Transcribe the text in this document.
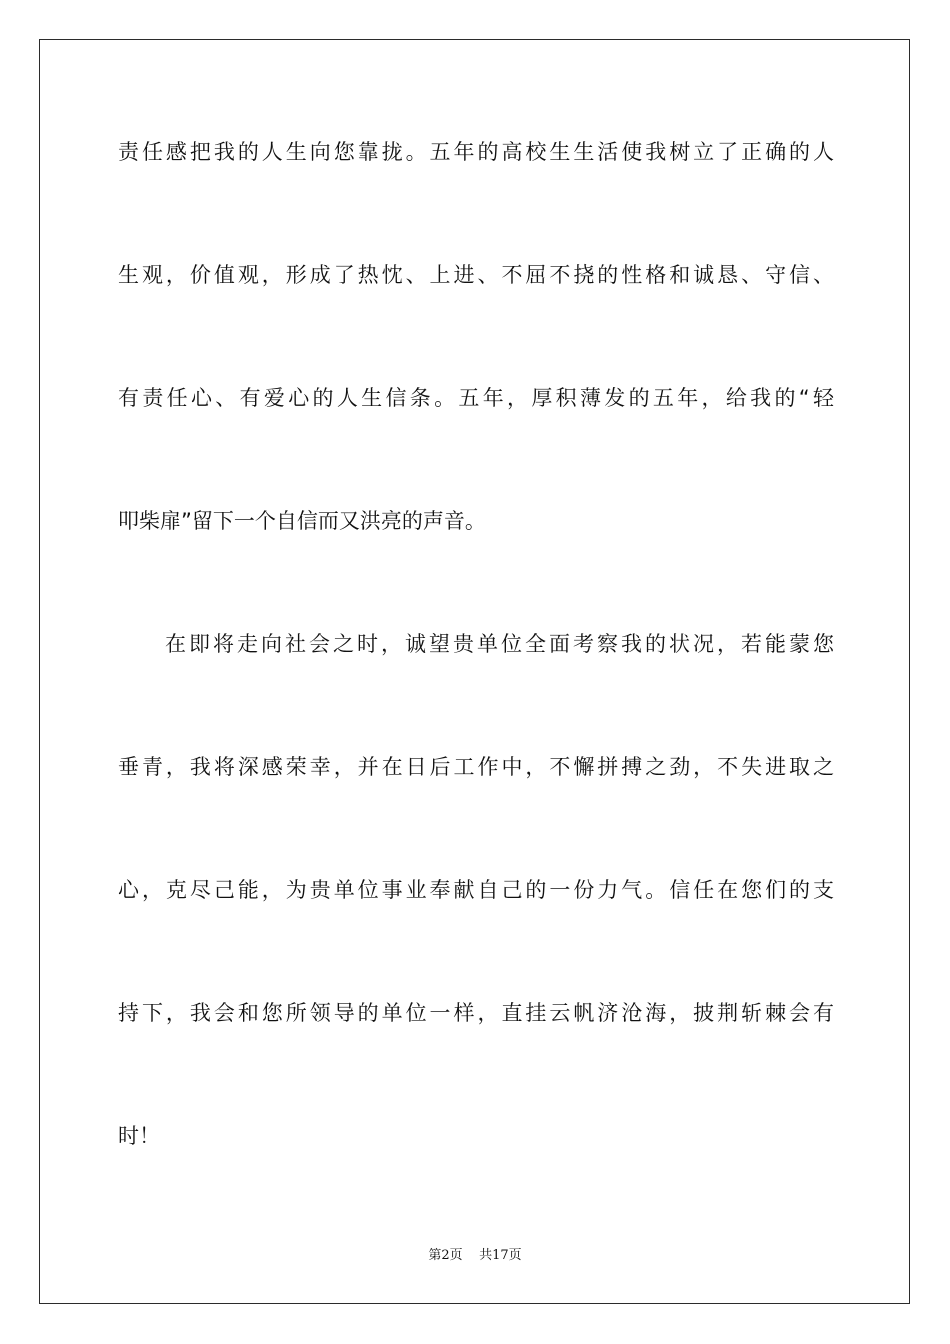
责任感把我的人生向您靠拢。五年的高校生生活使我树立了正确的人
生观，价值观，形成了热忱、上进、不屈不挠的性格和诚恳、守信、
有责任心、有爱心的人生信条。五年，厚积薄发的五年，给我的“轻
叩柴扉”留下一个自信而又洪亮的声音。
在即将走向社会之时，诚望贵单位全面考察我的状况，若能蒙您
垂青，我将深感荣幸，并在日后工作中，不懈拼搏之劲，不失进取之
心，克尽己能，为贵单位事业奉献自己的一份力气。信任在您们的支
持下，我会和您所领导的单位一样，直挂云帆济沧海，披荆斩棘会有
时！
第2页 共17页
